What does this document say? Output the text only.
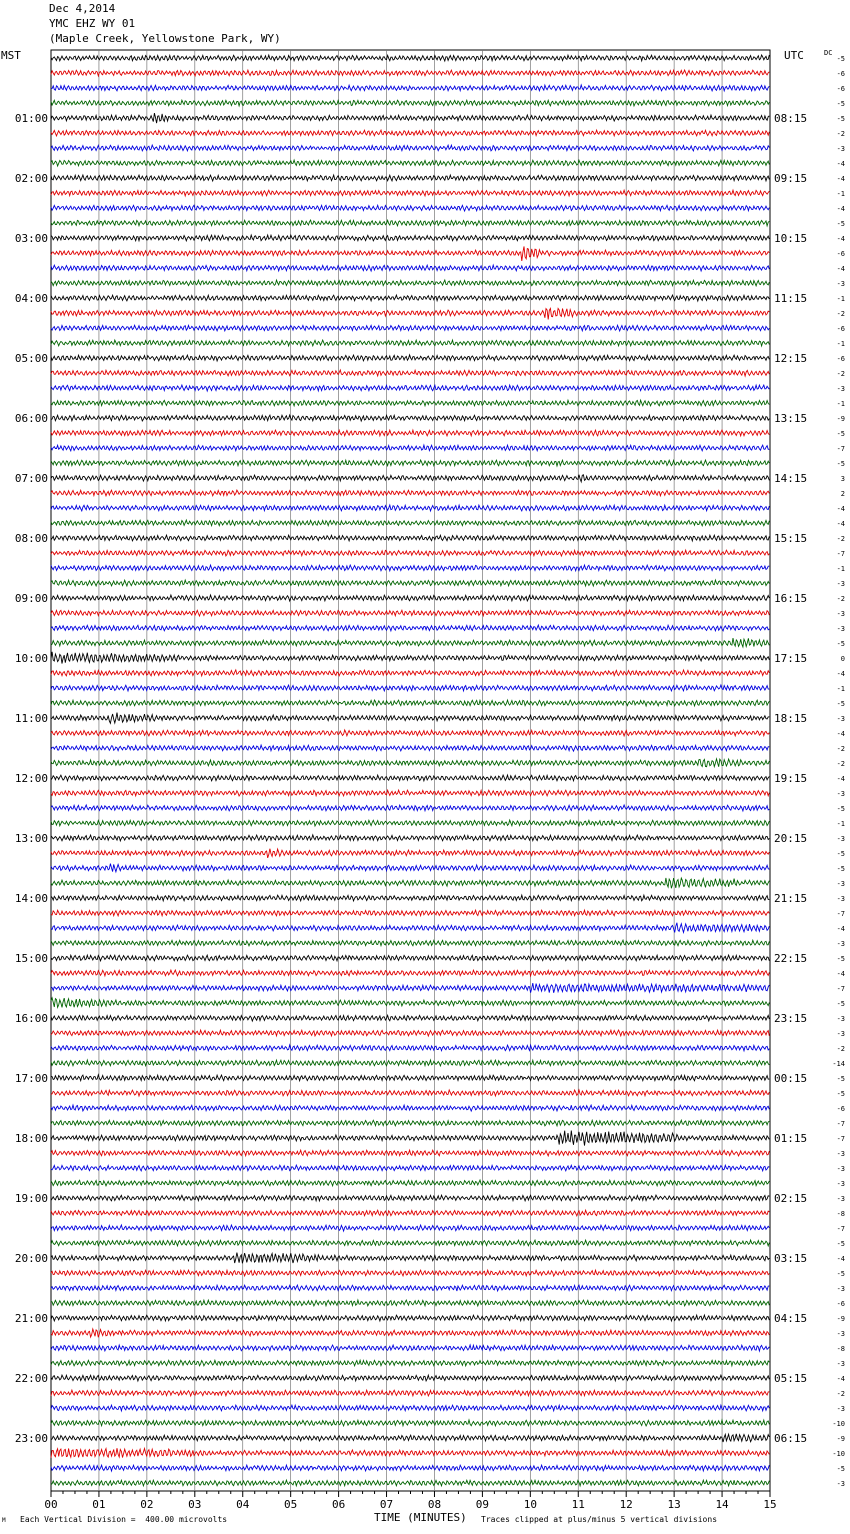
Dec 4,2014
YMC EHZ WY 01
(Maple Creek, Yellowstone Park, WY)
MST	UTC	DC
00	01	02	03	04	05	06	07	08	09	10	11	12	13	14	15
-5
-6
-6
-5
-5
-2
-3
-4
-4
-1
-4
-5
-4
-6
-4
-3
-1
-2
-6
-1
-6
-2
-3
-1
-9
-5
-7
-5
3
2
-4
-4
-2
-7
-1
-3
-2
-3
-3
-5
0
-4
-1
-5
-3
-4
-2
-2
-4
-3
-5
-1
-3
-5
-5
-3
-3
-7
-4
-3
-5
-4
-7
-5
-3
-3
-2
-14
-5
-5
-6
-7
-7
-3
-3
-3
-3
-8
-7
-5
-4
-5
-3
-6
-9
-3
-8
-3
-4
-2
-3
-10
-9
-10
-5
-3
01:00	08:15
02:00	09:15
03:00	10:15
04:00	11:15
05:00	12:15
06:00	13:15
07:00	14:15
08:00	15:15
09:00	16:15
10:00	17:15
11:00	18:15
12:00	19:15
13:00	20:15
14:00	21:15
15:00	22:15
16:00	23:15
17:00	00:15
18:00	01:15
19:00	02:15
20:00	03:15
21:00	04:15
22:00	05:15
23:00	06:15
M Each Vertical Division =  400.00 microvolts	TIME (MINUTES) Traces clipped at plus/minus 5 vertical divisions
